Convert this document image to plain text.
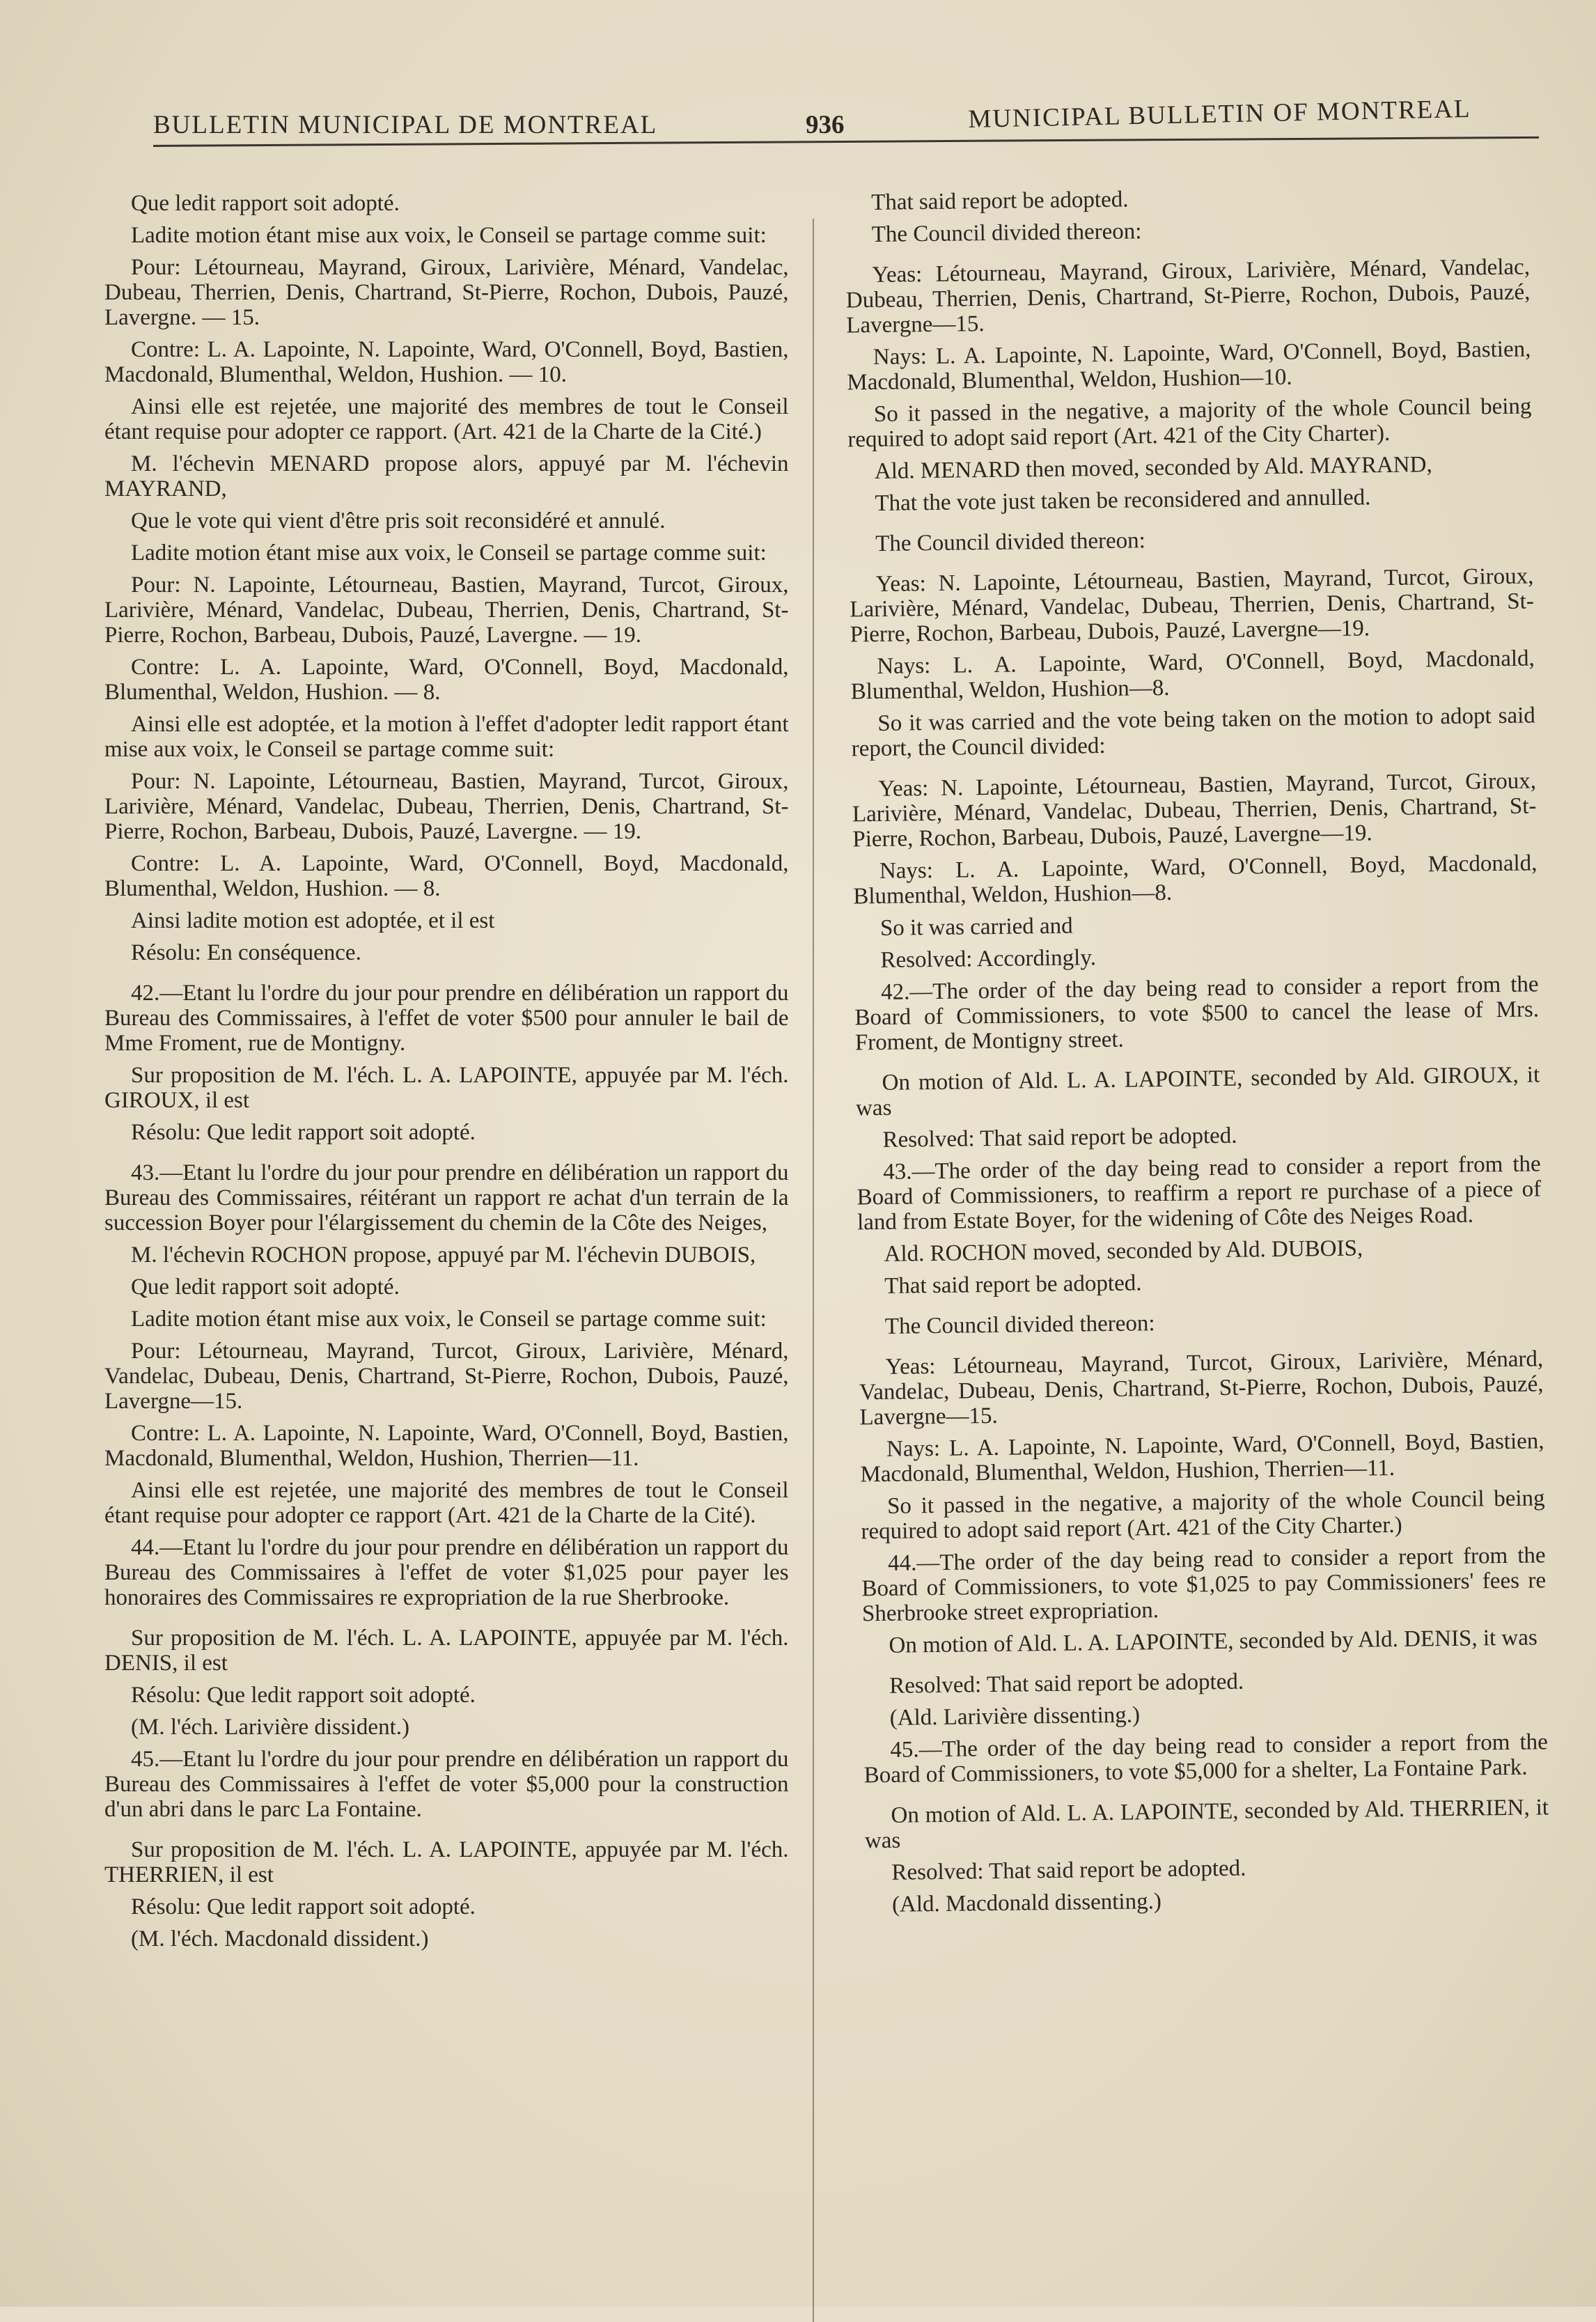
BULLETIN MUNICIPAL DE MONTREAL	936	MUNICIPAL BULLETIN OF MONTREAL

Que ledit rapport soit adopté.

Ladite motion étant mise aux voix, le Conseil se partage comme suit:

Pour: Létourneau, Mayrand, Giroux, Larivière, Ménard, Vandelac, Dubeau, Therrien, Denis, Chartrand, St-Pierre, Rochon, Dubois, Pauzé, Lavergne. — 15.

Contre: L. A. Lapointe, N. Lapointe, Ward, O'Connell, Boyd, Bastien, Macdonald, Blumenthal, Weldon, Hushion. — 10.

Ainsi elle est rejetée, une majorité des membres de tout le Conseil étant requise pour adopter ce rapport. (Art. 421 de la Charte de la Cité.)

M. l'échevin MENARD propose alors, appuyé par M. l'échevin MAYRAND,

Que le vote qui vient d'être pris soit reconsidéré et annulé.

Ladite motion étant mise aux voix, le Conseil se partage comme suit:

Pour: N. Lapointe, Létourneau, Bastien, Mayrand, Turcot, Giroux, Larivière, Ménard, Vandelac, Dubeau, Therrien, Denis, Chartrand, St-Pierre, Rochon, Barbeau, Dubois, Pauzé, Lavergne. — 19.

Contre: L. A. Lapointe, Ward, O'Connell, Boyd, Macdonald, Blumenthal, Weldon, Hushion. — 8.

Ainsi elle est adoptée, et la motion à l'effet d'adopter ledit rapport étant mise aux voix, le Conseil se partage comme suit:

Pour: N. Lapointe, Létourneau, Bastien, Mayrand, Turcot, Giroux, Larivière, Ménard, Vandelac, Dubeau, Therrien, Denis, Chartrand, St-Pierre, Rochon, Barbeau, Dubois, Pauzé, Lavergne. — 19.

Contre: L. A. Lapointe, Ward, O'Connell, Boyd, Macdonald, Blumenthal, Weldon, Hushion. — 8.

Ainsi ladite motion est adoptée, et il est

Résolu: En conséquence.

42.—Etant lu l'ordre du jour pour prendre en délibération un rapport du Bureau des Commissaires, à l'effet de voter $500 pour annuler le bail de Mme Froment, rue de Montigny.

Sur proposition de M. l'éch. L. A. LAPOINTE, appuyée par M. l'éch. GIROUX, il est

Résolu: Que ledit rapport soit adopté.

43.—Etant lu l'ordre du jour pour prendre en délibération un rapport du Bureau des Commissaires, réitérant un rapport re achat d'un terrain de la succession Boyer pour l'élargissement du chemin de la Côte des Neiges,

M. l'échevin ROCHON propose, appuyé par M. l'échevin DUBOIS,

Que ledit rapport soit adopté.

Ladite motion étant mise aux voix, le Conseil se partage comme suit:

Pour: Létourneau, Mayrand, Turcot, Giroux, Larivière, Ménard, Vandelac, Dubeau, Denis, Chartrand, St-Pierre, Rochon, Dubois, Pauzé, Lavergne—15.

Contre: L. A. Lapointe, N. Lapointe, Ward, O'Connell, Boyd, Bastien, Macdonald, Blumenthal, Weldon, Hushion, Therrien—11.

Ainsi elle est rejetée, une majorité des membres de tout le Conseil étant requise pour adopter ce rapport (Art. 421 de la Charte de la Cité).

44.—Etant lu l'ordre du jour pour prendre en délibération un rapport du Bureau des Commissaires à l'effet de voter $1,025 pour payer les honoraires des Commissaires re expropriation de la rue Sherbrooke.

Sur proposition de M. l'éch. L. A. LAPOINTE, appuyée par M. l'éch. DENIS, il est

Résolu: Que ledit rapport soit adopté.

(M. l'éch. Larivière dissident.)

45.—Etant lu l'ordre du jour pour prendre en délibération un rapport du Bureau des Commissaires à l'effet de voter $5,000 pour la construction d'un abri dans le parc La Fontaine.

Sur proposition de M. l'éch. L. A. LAPOINTE, appuyée par M. l'éch. THERRIEN, il est

Résolu: Que ledit rapport soit adopté.

(M. l'éch. Macdonald dissident.)

That said report be adopted.

The Council divided thereon:

Yeas: Létourneau, Mayrand, Giroux, Larivière, Ménard, Vandelac, Dubeau, Therrien, Denis, Chartrand, St-Pierre, Rochon, Dubois, Pauzé, Lavergne—15.

Nays: L. A. Lapointe, N. Lapointe, Ward, O'Connell, Boyd, Bastien, Macdonald, Blumenthal, Weldon, Hushion—10.

So it passed in the negative, a majority of the whole Council being required to adopt said report (Art. 421 of the City Charter).

Ald. MENARD then moved, seconded by Ald. MAYRAND,

That the vote just taken be reconsidered and annulled.

The Council divided thereon:

Yeas: N. Lapointe, Létourneau, Bastien, Mayrand, Turcot, Giroux, Larivière, Ménard, Vandelac, Dubeau, Therrien, Denis, Chartrand, St-Pierre, Rochon, Barbeau, Dubois, Pauzé, Lavergne—19.

Nays: L. A. Lapointe, Ward, O'Connell, Boyd, Macdonald, Blumenthal, Weldon, Hushion—8.

So it was carried and the vote being taken on the motion to adopt said report, the Council divided:

Yeas: N. Lapointe, Létourneau, Bastien, Mayrand, Turcot, Giroux, Larivière, Ménard, Vandelac, Dubeau, Therrien, Denis, Chartrand, St-Pierre, Rochon, Barbeau, Dubois, Pauzé, Lavergne—19.

Nays: L. A. Lapointe, Ward, O'Connell, Boyd, Macdonald, Blumenthal, Weldon, Hushion—8.

So it was carried and

Resolved: Accordingly.

42.—The order of the day being read to consider a report from the Board of Commissioners, to vote $500 to cancel the lease of Mrs. Froment, de Montigny street.

On motion of Ald. L. A. LAPOINTE, seconded by Ald. GIROUX, it was

Resolved: That said report be adopted.

43.—The order of the day being read to consider a report from the Board of Commissioners, to reaffirm a report re purchase of a piece of land from Estate Boyer, for the widening of Côte des Neiges Road.

Ald. ROCHON moved, seconded by Ald. DUBOIS,

That said report be adopted.

The Council divided thereon:

Yeas: Létourneau, Mayrand, Turcot, Giroux, Larivière, Ménard, Vandelac, Dubeau, Denis, Chartrand, St-Pierre, Rochon, Dubois, Pauzé, Lavergne—15.

Nays: L. A. Lapointe, N. Lapointe, Ward, O'Connell, Boyd, Bastien, Macdonald, Blumenthal, Weldon, Hushion, Therrien—11.

So it passed in the negative, a majority of the whole Council being required to adopt said report (Art. 421 of the City Charter.)

44.—The order of the day being read to consider a report from the Board of Commissioners, to vote $1,025 to pay Commissioners' fees re Sherbrooke street expropriation.

On motion of Ald. L. A. LAPOINTE, seconded by Ald. DENIS, it was

Resolved: That said report be adopted.

(Ald. Larivière dissenting.)

45.—The order of the day being read to consider a report from the Board of Commissioners, to vote $5,000 for a shelter, La Fontaine Park.

On motion of Ald. L. A. LAPOINTE, seconded by Ald. THERRIEN, it was

Resolved: That said report be adopted.

(Ald. Macdonald dissenting.)
